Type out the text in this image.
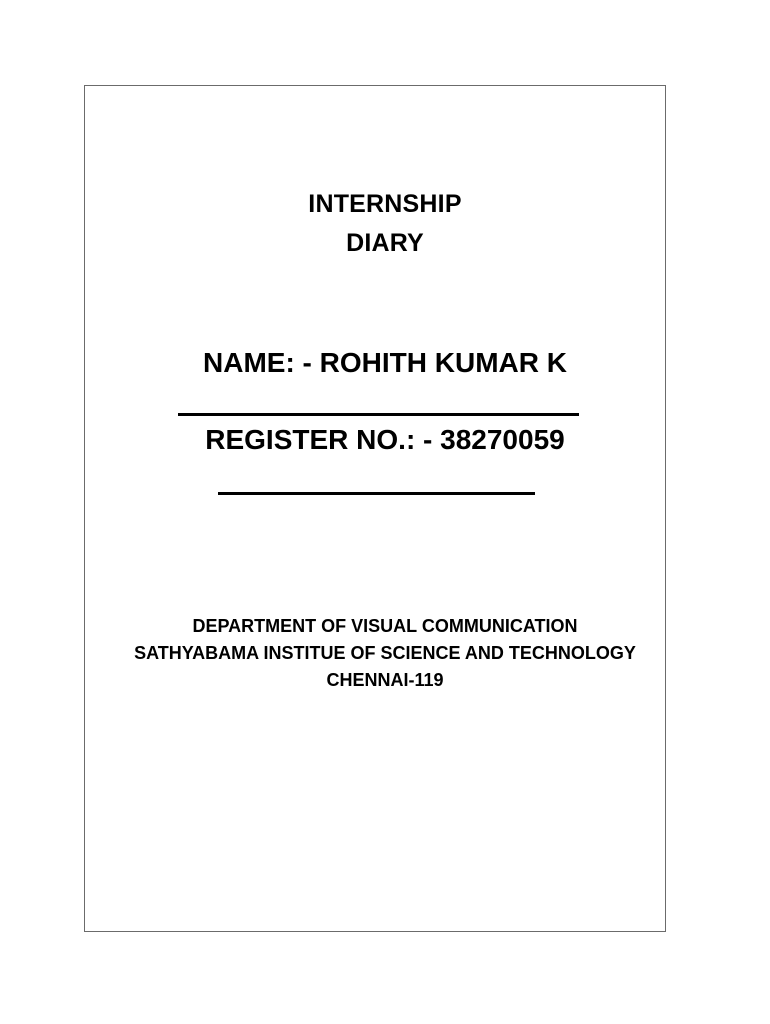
INTERNSHIP
DIARY
NAME: - ROHITH KUMAR K
REGISTER NO.: - 38270059
DEPARTMENT OF VISUAL COMMUNICATION
SATHYABAMA INSTITUE OF SCIENCE AND TECHNOLOGY
CHENNAI-119
